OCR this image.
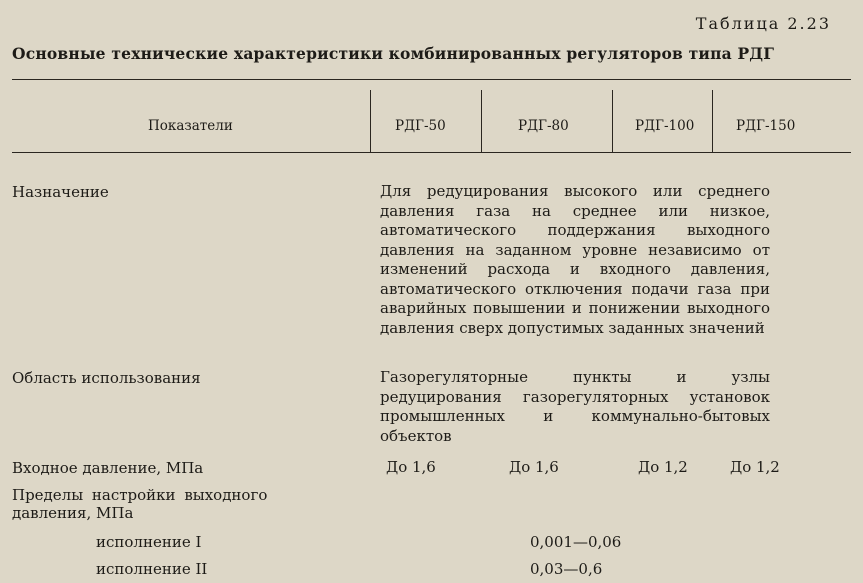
Таблица 2.23
Основные технические характеристики комбинированных регуляторов типа РДГ
Показатели	РДГ-50	РДГ-80	РДГ-100	РДГ-150
Назначение	Для редуцирования высокого или среднего давления газа на среднее или низкое, автоматического поддержания выходного давления на заданном уровне независимо от изменений расхода и входного давления, автоматического отключения подачи газа при аварийных повышении и понижении выходного давления сверх допустимых заданных значений
Область использования	Газорегуляторные пункты и узлы редуцирования газорегуляторных установок промышленных и коммунально-бытовых объектов
Входное давление, МПа	До 1,6	До 1,6	До 1,2	До 1,2
Пределы настройки выходного
давления, МПа
исполнение I	0,001—0,06
исполнение II	0,03—0,6
